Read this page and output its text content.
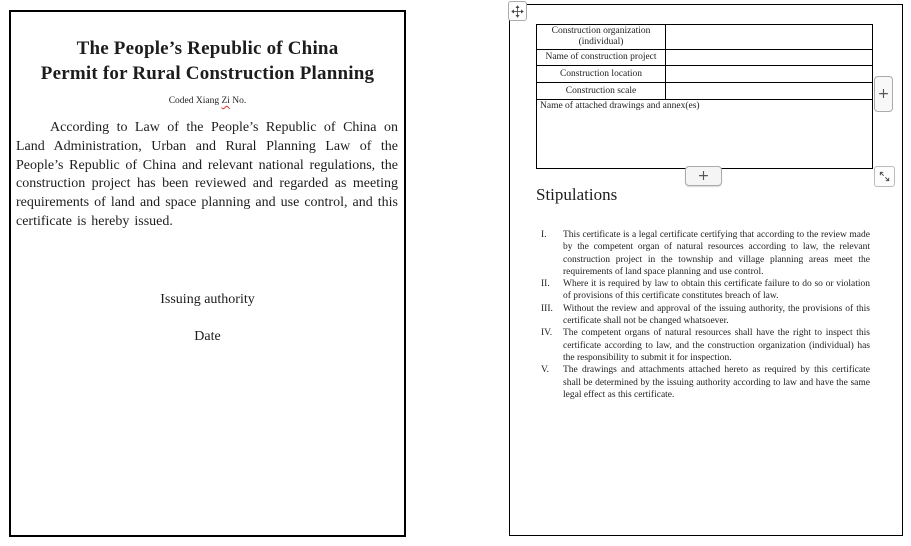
The People’s Republic of China
Permit for Rural Construction Planning
Coded Xiang Zi No.
According to Law of the People’s Republic of China on Land Administration, Urban and Rural Planning Law of the People’s Republic of China and relevant national regulations, the construction project has been reviewed and regarded as meeting requirements of land and space planning and use control, and this certificate is hereby issued.
Issuing authority
Date
Construction organization (individual)	
Name of construction project	
Construction location	
Construction scale	
Name of attached drawings and annex(es)	
+
+
Stipulations
I.	This certificate is a legal certificate certifying that according to the review made by the competent organ of natural resources according to law, the relevant construction project in the township and village planning areas meet the requirements of land space planning and use control.
II.	Where it is required by law to obtain this certificate failure to do so or violation of provisions of this certificate constitutes breach of law.
III.	Without the review and approval of the issuing authority, the provisions of this certificate shall not be changed whatsoever.
IV.	The competent organs of natural resources shall have the right to inspect this certificate according to law, and the construction organization (individual) has the responsibility to submit it for inspection.
V.	The drawings and attachments attached hereto as required by this certificate shall be determined by the issuing authority according to law and have the same legal effect as this certificate.
